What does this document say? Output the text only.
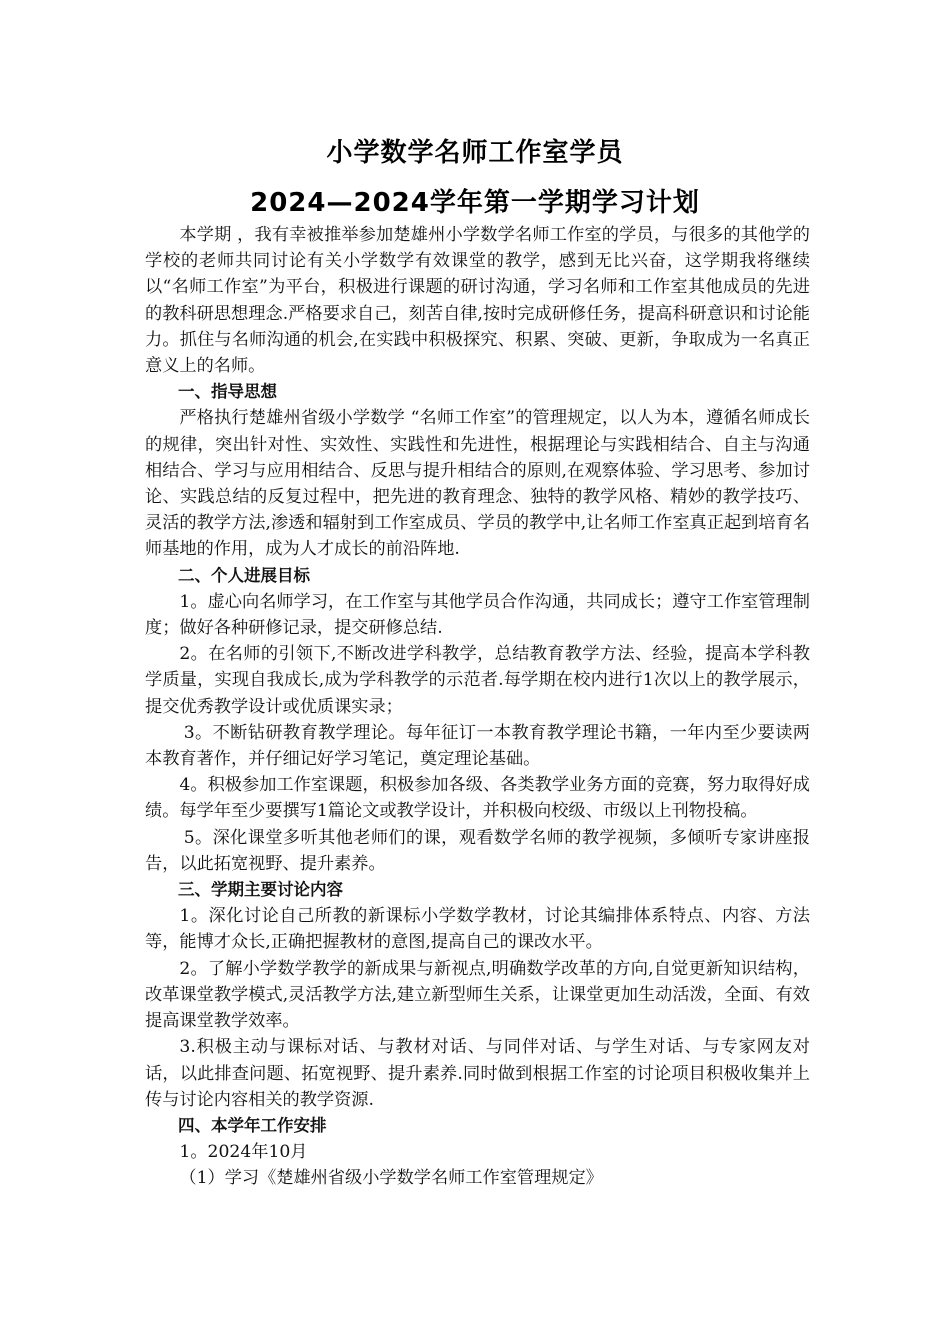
小学数学名师工作室学员
2024—2024学年第一学期学习计划

本学期 ，我有幸被推举参加楚雄州小学数学名师工作室的学员，与很多的其他学的学校的老师共同讨论有关小学数学有效课堂的教学，感到无比兴奋，这学期我将继续以“名师工作室”为平台，积极进行课题的研讨沟通，学习名师和工作室其他成员的先进的教科研思想理念.严格要求自己，刻苦自律,按时完成研修任务，提高科研意识和讨论能力。抓住与名师沟通的机会,在实践中积极探究、积累、突破、更新，争取成为一名真正意义上的名师。

一、指导思想

严格执行楚雄州省级小学数学 “名师工作室”的管理规定，以人为本，遵循名师成长的规律，突出针对性、实效性、实践性和先进性，根据理论与实践相结合、自主与沟通相结合、学习与应用相结合、反思与提升相结合的原则,在观察体验、学习思考、参加讨论、实践总结的反复过程中，把先进的教育理念、独特的教学风格、精妙的教学技巧、灵活的教学方法,渗透和辐射到工作室成员、学员的教学中,让名师工作室真正起到培育名师基地的作用，成为人才成长的前沿阵地.

二、个人进展目标

1。虚心向名师学习，在工作室与其他学员合作沟通，共同成长；遵守工作室管理制度；做好各种研修记录，提交研修总结.

2。在名师的引领下,不断改进学科教学，总结教育教学方法、经验，提高本学科教学质量，实现自我成长,成为学科教学的示范者.每学期在校内进行1次以上的教学展示，提交优秀教学设计或优质课实录；

3。不断钻研教育教学理论。每年征订一本教育教学理论书籍，一年内至少要读两本教育著作，并仔细记好学习笔记，奠定理论基础。

4。积极参加工作室课题，积极参加各级、各类教学业务方面的竞赛，努力取得好成绩。每学年至少要撰写1篇论文或教学设计，并积极向校级、市级以上刊物投稿。

5。深化课堂多听其他老师们的课，观看数学名师的教学视频，多倾听专家讲座报告，以此拓宽视野、提升素养。

三、学期主要讨论内容

1。深化讨论自己所教的新课标小学数学教材，讨论其编排体系特点、内容、方法等，能博才众长,正确把握教材的意图,提高自己的课改水平。

2。了解小学数学教学的新成果与新视点,明确数学改革的方向,自觉更新知识结构，改革课堂教学模式,灵活教学方法,建立新型师生关系，让课堂更加生动活泼，全面、有效提高课堂教学效率。

3.积极主动与课标对话、与教材对话、与同伴对话、与学生对话、与专家网友对话，以此排查问题、拓宽视野、提升素养.同时做到根据工作室的讨论项目积极收集并上传与讨论内容相关的教学资源.

四、本学年工作安排

1。2024年10月

（1）学习《楚雄州省级小学数学名师工作室管理规定》
